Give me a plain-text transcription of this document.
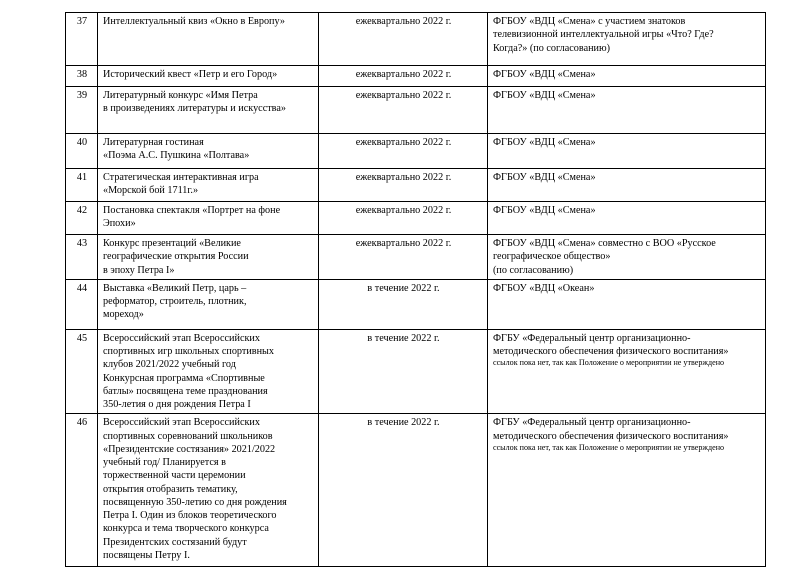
37	Интеллектуальный квиз «Окно в Европу»	ежеквартально 2022 г.	ФГБОУ «ВДЦ «Смена» с участием знатоков
телевизионной интеллектуальной игры «Что? Где?
Когда?» (по согласованию)

38	Исторический квест «Петр и его Город»	ежеквартально 2022 г.	ФГБОУ «ВДЦ «Смена»

39	Литературный конкурс «Имя Петра
в произведениях литературы и искусства»	ежеквартально 2022 г.	ФГБОУ «ВДЦ «Смена»

40	Литературная гостиная
«Поэма А.С. Пушкина «Полтава»	ежеквартально 2022 г.	ФГБОУ «ВДЦ «Смена»

41	Стратегическая интерактивная игра
«Морской бой 1711г.»	ежеквартально 2022 г.	ФГБОУ «ВДЦ «Смена»

42	Постановка спектакля «Портрет на фоне
Эпохи»	ежеквартально 2022 г.	ФГБОУ «ВДЦ «Смена»

43	Конкурс презентаций «Великие
географические открытия России
в эпоху Петра I»	ежеквартально 2022 г.	ФГБОУ «ВДЦ «Смена» совместно с ВОО «Русское
географическое общество»
(по согласованию)

44	Выставка «Великий Петр, царь –
реформатор, строитель, плотник,
мореход»	в течение 2022 г.	ФГБОУ «ВДЦ «Океан»

45	Всероссийский этап Всероссийских
спортивных игр школьных спортивных
клубов 2021/2022 учебный год
Конкурсная программа «Спортивные
батлы» посвящена теме празднования
350-летия о дня рождения Петра I
	в течение 2022 г.	ФГБУ «Федеральный центр организационно-
методического обеспечения физического воспитания»
ссылок пока нет, так как Положение о мероприятии не утверждено

46	Всероссийский этап Всероссийских
спортивных соревнований школьников
«Президентские состязания» 2021/2022
учебный год/ Планируется в
торжественной части церемонии
открытия отобразить тематику,
посвященную 350-летию со дня рождения
Петра I. Один из блоков теоретического
конкурса и тема творческого конкурса
Президентских состязаний будут
посвящены Петру I.
	в течение 2022 г.	ФГБУ «Федеральный центр организационно-
методического обеспечения физического воспитания»
ссылок пока нет, так как Положение о мероприятии не утверждено
